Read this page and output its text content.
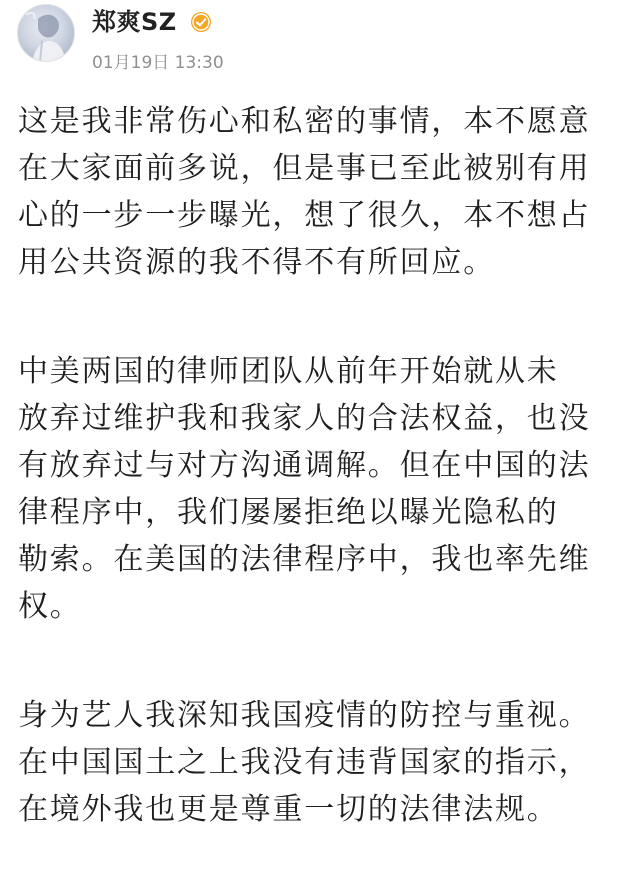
郑爽SZ
01月19日 13:30

这是我非常伤心和私密的事情，本不愿意
在大家面前多说，但是事已至此被别有用
心的一步一步曝光，想了很久，本不想占
用公共资源的我不得不有所回应。

中美两国的律师团队从前年开始就从未
放弃过维护我和我家人的合法权益，也没
有放弃过与对方沟通调解。但在中国的法
律程序中，我们屡屡拒绝以曝光隐私的
勒索。在美国的法律程序中，我也率先维
权。

身为艺人我深知我国疫情的防控与重视。
在中国国土之上我没有违背国家的指示，
在境外我也更是尊重一切的法律法规。
